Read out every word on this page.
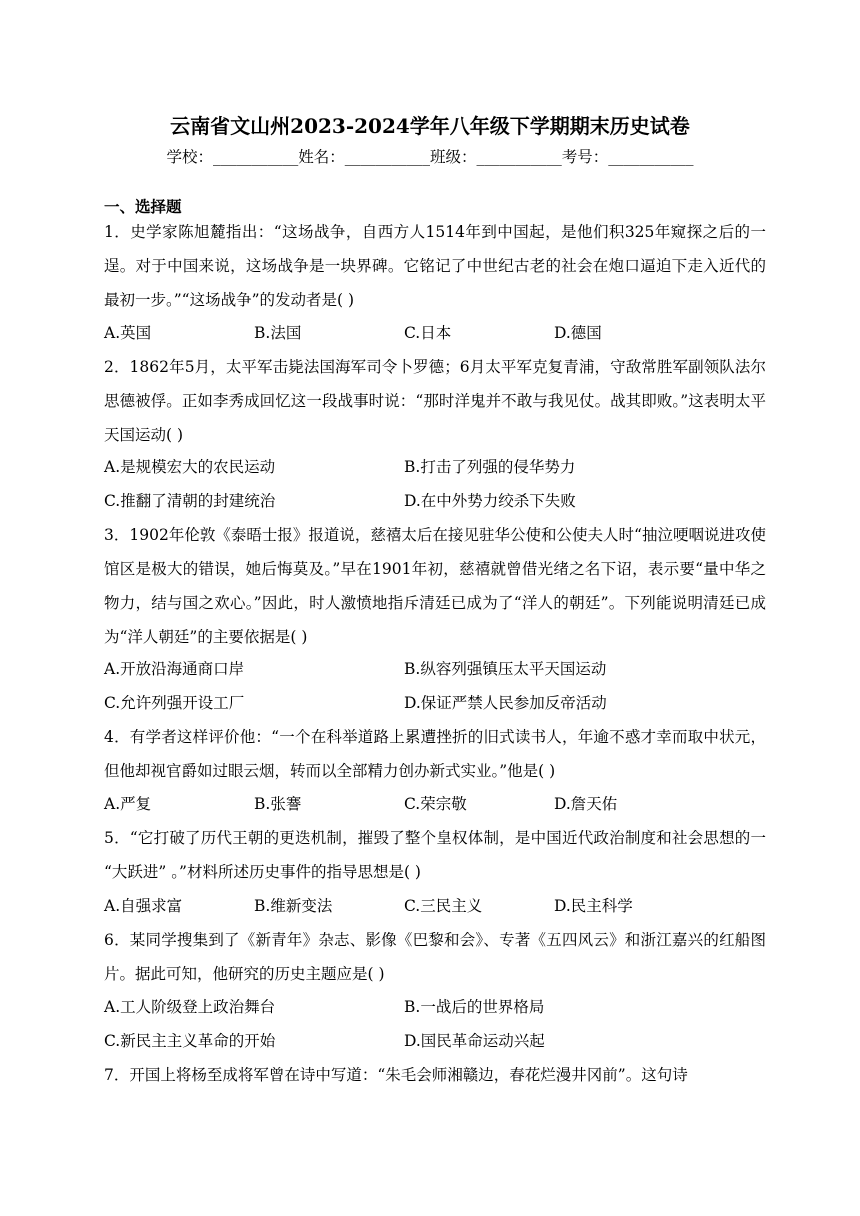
云南省文山州2023-2024学年八年级下学期期末历史试卷
学校：___________姓名：___________班级：___________考号：___________
一、选择题
1．史学家陈旭麓指出：“这场战争，自西方人1514年到中国起，是他们积325年窥探之后的一逞。对于中国来说，这场战争是一块界碑。它铭记了中世纪古老的社会在炮口逼迫下走入近代的最初一步。”“这场战争”的发动者是( )
A.英国	B.法国	C.日本	D.德国
2．1862年5月，太平军击毙法国海军司令卜罗德；6月太平军克复青浦，守敌常胜军副领队法尔思德被俘。正如李秀成回忆这一段战事时说：“那时洋鬼并不敢与我见仗。战其即败。”这表明太平天国运动( )
A.是规模宏大的农民运动	B.打击了列强的侵华势力
C.推翻了清朝的封建统治	D.在中外势力绞杀下失败
3．1902年伦敦《泰晤士报》报道说，慈禧太后在接见驻华公使和公使夫人时“抽泣哽咽说进攻使馆区是极大的错误，她后悔莫及。”早在1901年初，慈禧就曾借光绪之名下诏，表示要“量中华之物力，结与国之欢心。”因此，时人激愤地指斥清廷已成为了“洋人的朝廷”。下列能说明清廷已成为“洋人朝廷”的主要依据是( )
A.开放沿海通商口岸	B.纵容列强镇压太平天国运动
C.允许列强开设工厂	D.保证严禁人民参加反帝活动
4．有学者这样评价他：“一个在科举道路上累遭挫折的旧式读书人，年逾不惑才幸而取中状元，但他却视官爵如过眼云烟，转而以全部精力创办新式实业。”他是( )
A.严复	B.张謇	C.荣宗敬	D.詹天佑
5．“它打破了历代王朝的更迭机制，摧毁了整个皇权体制，是中国近代政治制度和社会思想的一 “大跃进” 。”材料所述历史事件的指导思想是( )
A.自强求富	B.维新变法	C.三民主义	D.民主科学
6．某同学搜集到了《新青年》杂志、影像《巴黎和会》、专著《五四风云》和浙江嘉兴的红船图片。据此可知，他研究的历史主题应是( )
A.工人阶级登上政治舞台	B.一战后的世界格局
C.新民主主义革命的开始	D.国民革命运动兴起
7．开国上将杨至成将军曾在诗中写道：“朱毛会师湘赣边，春花烂漫井冈前”。这句诗
